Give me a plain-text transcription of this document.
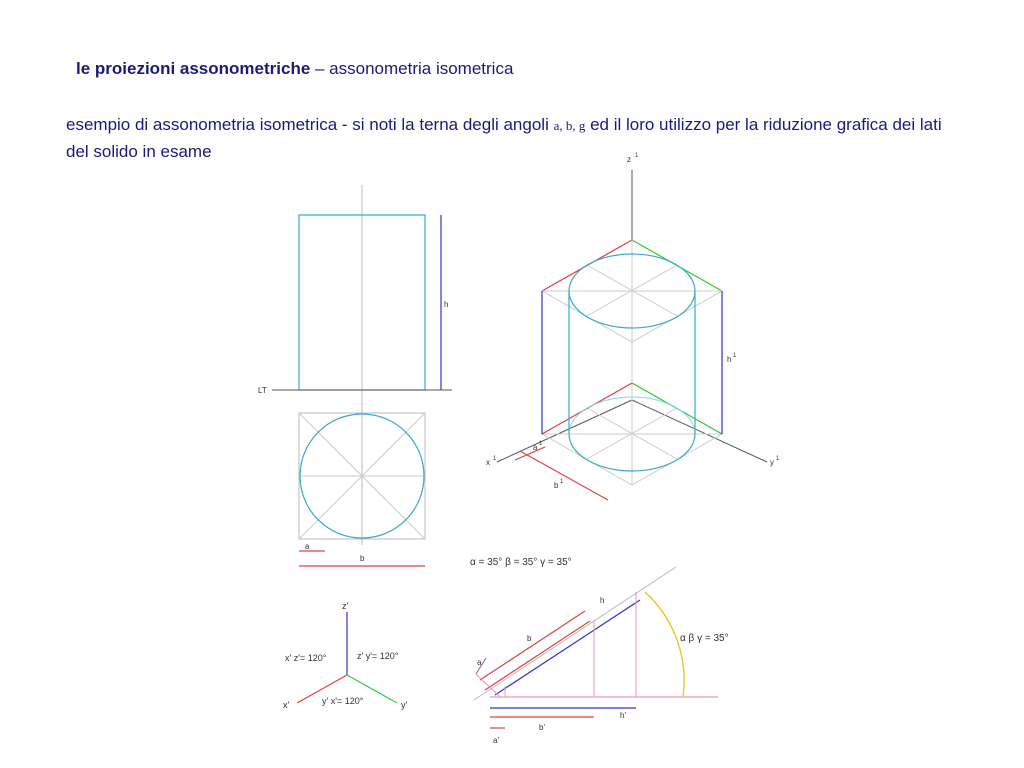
le proiezioni assonometriche – assonometria isometrica
esempio di assonometria isometrica - si noti la terna degli angoli a, b, g ed il loro utilizzo per la riduzione grafica dei lati del solido in esame
h
LT
a
b
z 1
x 1	y 1
h 1
a 1
b 1
z'
x'	y'
x' z'= 120°	z' y'= 120°
y' x'= 120°
α = 35° β = 35° γ = 35°
α β γ = 35°
h
b
a
h'
b'
a'
